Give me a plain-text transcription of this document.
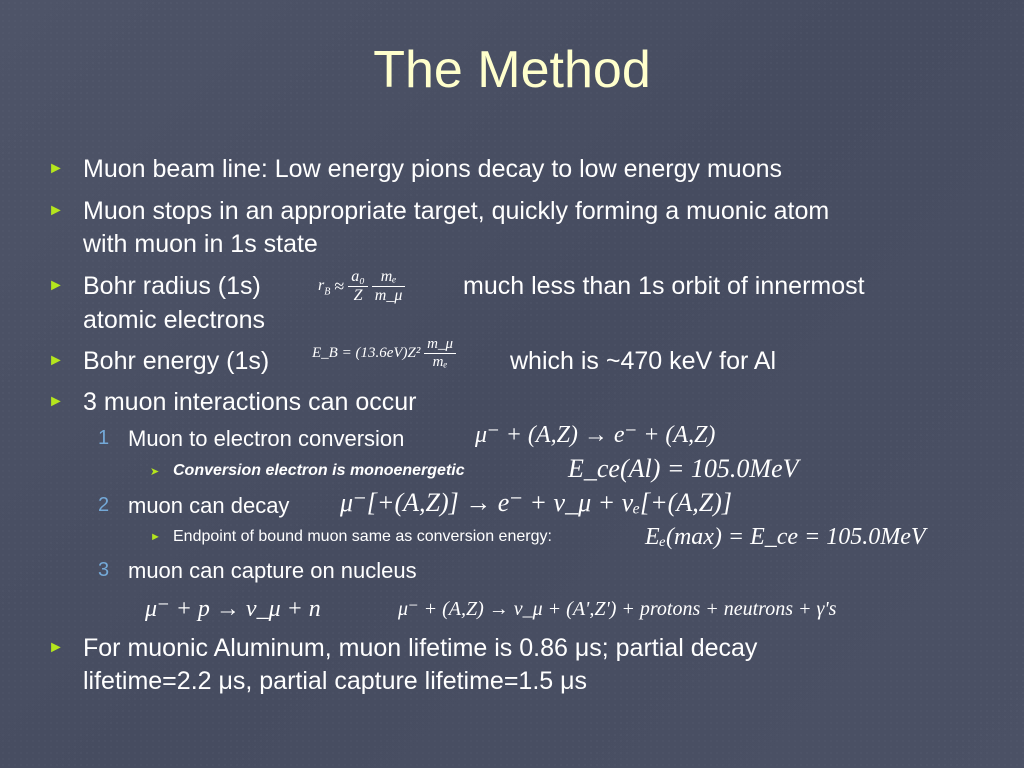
The Method
► Muon beam line: Low energy pions decay to low energy muons
► Muon stops in an appropriate target, quickly forming a muonic atom
with muon in 1s state
► Bohr radius (1s)	$r_B \approx \frac{\text{a₀}}{Z}$
$\frac{\text{mₑ}}{m\_\mu}$ much less than 1s orbit of innermost
atomic electrons
► Bohr energy (1s)	E_B = $(13.6eV)Z^2 \frac{m\_\mu}{\text{mₑ}}$ which is ~470 keV for Al
► 3 muon interactions can occur
1 Muon to electron conversion	μ⁻ + (A,Z) → e⁻ + (A,Z)
➤ Conversion electron is monoenergetic	E_ce(Al) = 105.0MeV
2 muon can decay μ⁻[+(A,Z)] → e⁻ + ν_μ + νₑ[+(A,Z)]
► Endpoint of bound muon same as conversion energy:	Eₑ(max) = E_ce = 105.0MeV
3 muon can capture on nucleus
μ⁻ + p → ν_μ + n	μ⁻ + (A,Z) → ν_μ + (A',Z') + protons + neutrons + γ's
► For muonic Aluminum, muon lifetime is 0.86 μs; partial decay
lifetime=2.2 μs, partial capture lifetime=1.5 μs
